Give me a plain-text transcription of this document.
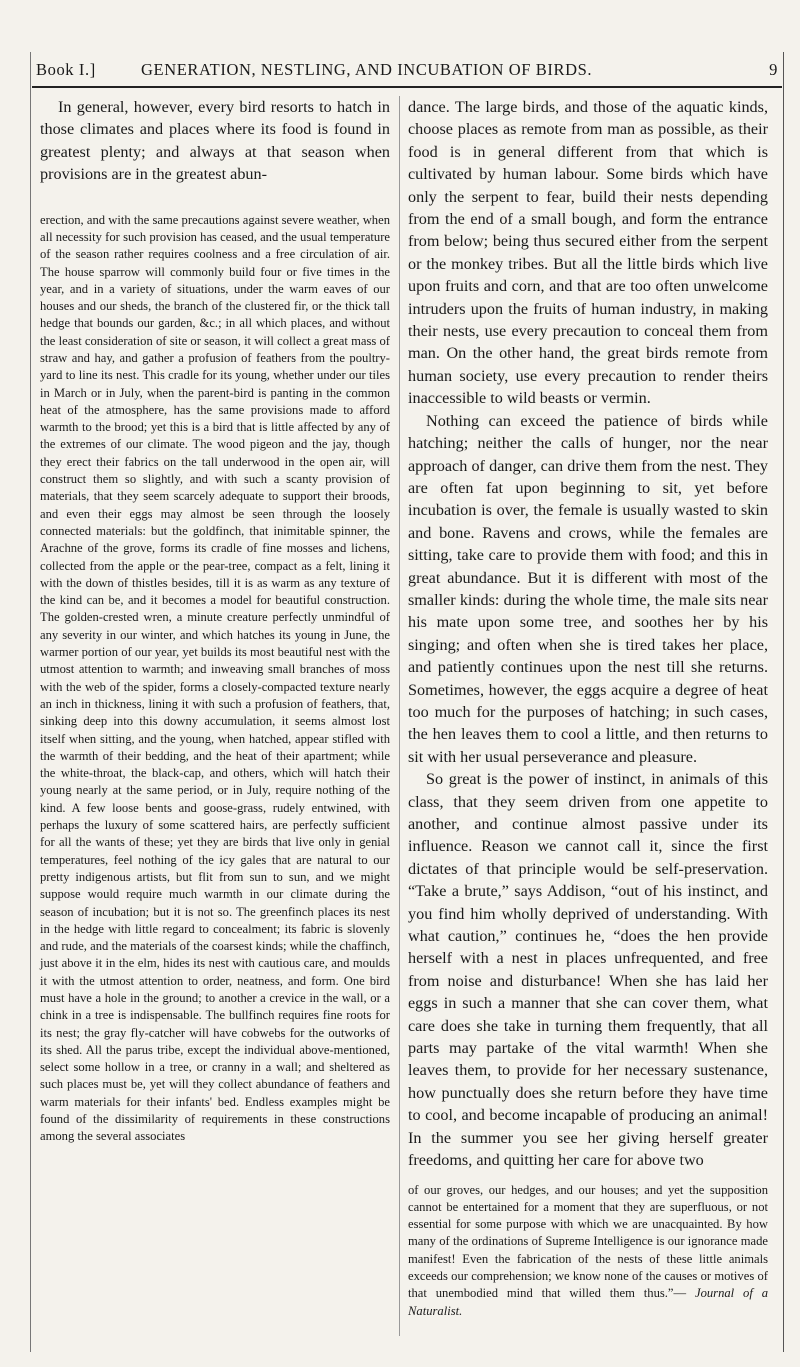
Book I.]	GENERATION, NESTLING, AND INCUBATION OF BIRDS.	9

In general, however, every bird resorts to hatch in those climates and places where its food is found in greatest plenty; and always at that season when provisions are in the greatest abun-

erection, and with the same precautions against severe weather, when all necessity for such provision has ceased, and the usual temperature of the season rather requires coolness and a free circulation of air. The house sparrow will commonly build four or five times in the year, and in a variety of situations, under the warm eaves of our houses and our sheds, the branch of the clustered fir, or the thick tall hedge that bounds our garden, &c.; in all which places, and without the least consideration of site or season, it will collect a great mass of straw and hay, and gather a profusion of feathers from the poultry-yard to line its nest. This cradle for its young, whether under our tiles in March or in July, when the parent-bird is panting in the common heat of the atmosphere, has the same provisions made to afford warmth to the brood; yet this is a bird that is little affected by any of the extremes of our climate. The wood pigeon and the jay, though they erect their fabrics on the tall underwood in the open air, will construct them so slightly, and with such a scanty provision of materials, that they seem scarcely adequate to support their broods, and even their eggs may almost be seen through the loosely connected materials: but the goldfinch, that inimitable spinner, the Arachne of the grove, forms its cradle of fine mosses and lichens, collected from the apple or the pear-tree, compact as a felt, lining it with the down of thistles besides, till it is as warm as any texture of the kind can be, and it becomes a model for beautiful construction. The golden-crested wren, a minute creature perfectly unmindful of any severity in our winter, and which hatches its young in June, the warmer portion of our year, yet builds its most beautiful nest with the utmost attention to warmth; and inweaving small branches of moss with the web of the spider, forms a closely-compacted texture nearly an inch in thickness, lining it with such a profusion of feathers, that, sinking deep into this downy accumulation, it seems almost lost itself when sitting, and the young, when hatched, appear stifled with the warmth of their bedding, and the heat of their apartment; while the white-throat, the black-cap, and others, which will hatch their young nearly at the same period, or in July, require nothing of the kind. A few loose bents and goose-grass, rudely entwined, with perhaps the luxury of some scattered hairs, are perfectly sufficient for all the wants of these; yet they are birds that live only in genial temperatures, feel nothing of the icy gales that are natural to our pretty indigenous artists, but flit from sun to sun, and we might suppose would require much warmth in our climate during the season of incubation; but it is not so. The greenfinch places its nest in the hedge with little regard to concealment; its fabric is slovenly and rude, and the materials of the coarsest kinds; while the chaffinch, just above it in the elm, hides its nest with cautious care, and moulds it with the utmost attention to order, neatness, and form. One bird must have a hole in the ground; to another a crevice in the wall, or a chink in a tree is indispensable. The bullfinch requires fine roots for its nest; the gray fly-catcher will have cobwebs for the outworks of its shed. All the parus tribe, except the individual above-mentioned, select some hollow in a tree, or cranny in a wall; and sheltered as such places must be, yet will they collect abundance of feathers and warm materials for their infants' bed. Endless examples might be found of the dissimilarity of requirements in these constructions among the several associates

dance. The large birds, and those of the aquatic kinds, choose places as remote from man as possible, as their food is in general different from that which is cultivated by human labour. Some birds which have only the serpent to fear, build their nests depending from the end of a small bough, and form the entrance from below; being thus secured either from the serpent or the monkey tribes. But all the little birds which live upon fruits and corn, and that are too often unwelcome intruders upon the fruits of human industry, in making their nests, use every precaution to conceal them from man. On the other hand, the great birds remote from human society, use every precaution to render theirs inaccessible to wild beasts or vermin.

Nothing can exceed the patience of birds while hatching; neither the calls of hunger, nor the near approach of danger, can drive them from the nest. They are often fat upon beginning to sit, yet before incubation is over, the female is usually wasted to skin and bone. Ravens and crows, while the females are sitting, take care to provide them with food; and this in great abundance. But it is different with most of the smaller kinds: during the whole time, the male sits near his mate upon some tree, and soothes her by his singing; and often when she is tired takes her place, and patiently continues upon the nest till she returns. Sometimes, however, the eggs acquire a degree of heat too much for the purposes of hatching; in such cases, the hen leaves them to cool a little, and then returns to sit with her usual perseverance and pleasure.

So great is the power of instinct, in animals of this class, that they seem driven from one appetite to another, and continue almost passive under its influence. Reason we cannot call it, since the first dictates of that principle would be self-preservation. “Take a brute,” says Addison, “out of his instinct, and you find him wholly deprived of understanding. With what caution,” continues he, “does the hen provide herself with a nest in places unfrequented, and free from noise and disturbance! When she has laid her eggs in such a manner that she can cover them, what care does she take in turning them frequently, that all parts may partake of the vital warmth! When she leaves them, to provide for her necessary sustenance, how punctually does she return before they have time to cool, and become incapable of producing an animal! In the summer you see her giving herself greater freedoms, and quitting her care for above two

of our groves, our hedges, and our houses; and yet the supposition cannot be entertained for a moment that they are superfluous, or not essential for some purpose with which we are unacquainted. By how many of the ordinations of Supreme Intelligence is our ignorance made manifest! Even the fabrication of the nests of these little animals exceeds our comprehension; we know none of the causes or motives of that unembodied mind that willed them thus.”— Journal of a Naturalist.
